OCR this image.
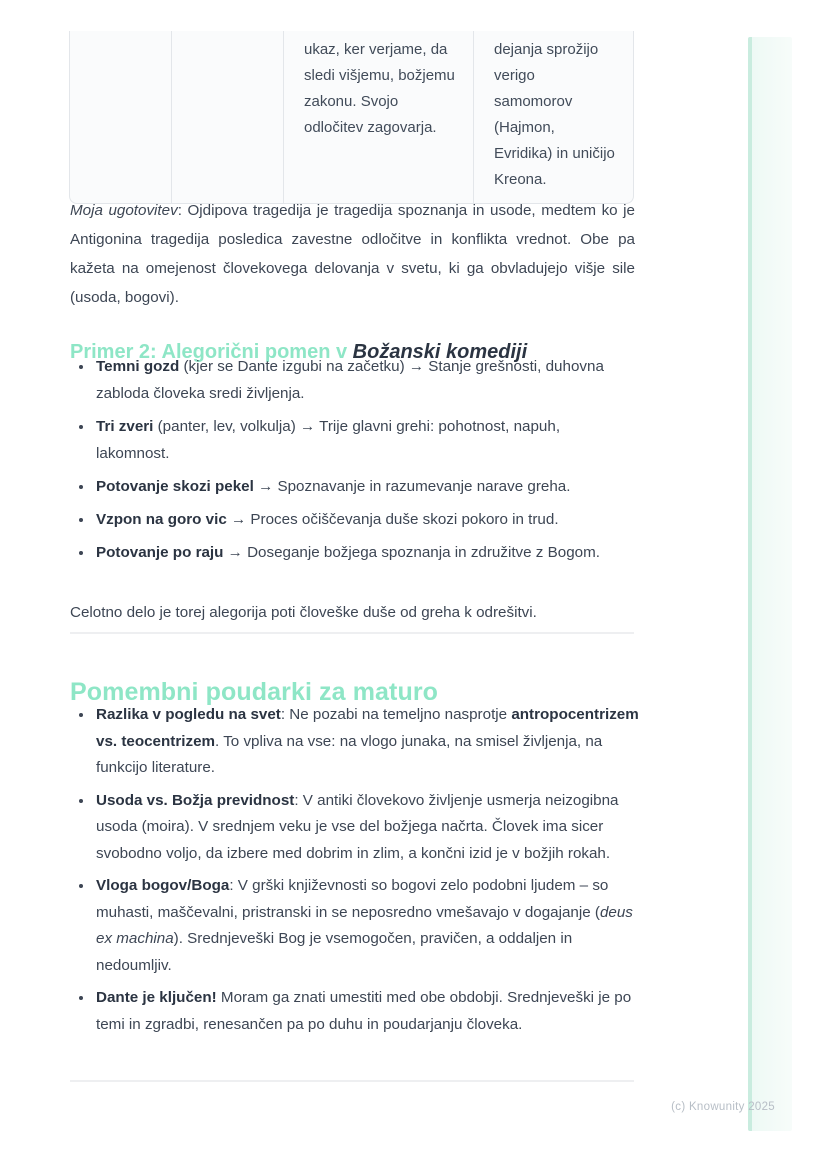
		ukaz, ker verjame, da sledi višjemu, božjemu zakonu. Svojo odločitev zagovarja.	dejanja sprožijo verigo samomorov (Hajmon, Evridika) in uničijo Kreona.

Moja ugotovitev: Ojdipova tragedija je tragedija spoznanja in usode, medtem ko je Antigonina tragedija posledica zavestne odločitve in konflikta vrednot. Obe pa kažeta na omejenost človekovega delovanja v svetu, ki ga obvladujejo višje sile (usoda, bogovi).

Primer 2: Alegorični pomen v Božanski komediji
• Temni gozd (kjer se Dante izgubi na začetku) → Stanje grešnosti, duhovna zabloda človeka sredi življenja.
• Tri zveri (panter, lev, volkulja) → Trije glavni grehi: pohotnost, napuh, lakomnost.
• Potovanje skozi pekel → Spoznavanje in razumevanje narave greha.
• Vzpon na goro vic → Proces očiščevanja duše skozi pokoro in trud.
• Potovanje po raju → Doseganje božjega spoznanja in združitve z Bogom.

Celotno delo je torej alegorija poti človeške duše od greha k odrešitvi.

Pomembni poudarki za maturo
• Razlika v pogledu na svet: Ne pozabi na temeljno nasprotje antropocentrizem vs. teocentrizem. To vpliva na vse: na vlogo junaka, na smisel življenja, na funkcijo literature.
• Usoda vs. Božja previdnost: V antiki človekovo življenje usmerja neizogibna usoda (moira). V srednjem veku je vse del božjega načrta. Človek ima sicer svobodno voljo, da izbere med dobrim in zlim, a končni izid je v božjih rokah.
• Vloga bogov/Boga: V grški književnosti so bogovi zelo podobni ljudem – so muhasti, maščevalni, pristranski in se neposredno vmešavajo v dogajanje (deus ex machina). Srednjeveški Bog je vsemogočen, pravičen, a oddaljen in nedoumljiv.
• Dante je ključen! Moram ga znati umestiti med obe obdobji. Srednjeveški je po temi in zgradbi, renesančen pa po duhu in poudarjanju človeka.
(c) Knowunity 2025
